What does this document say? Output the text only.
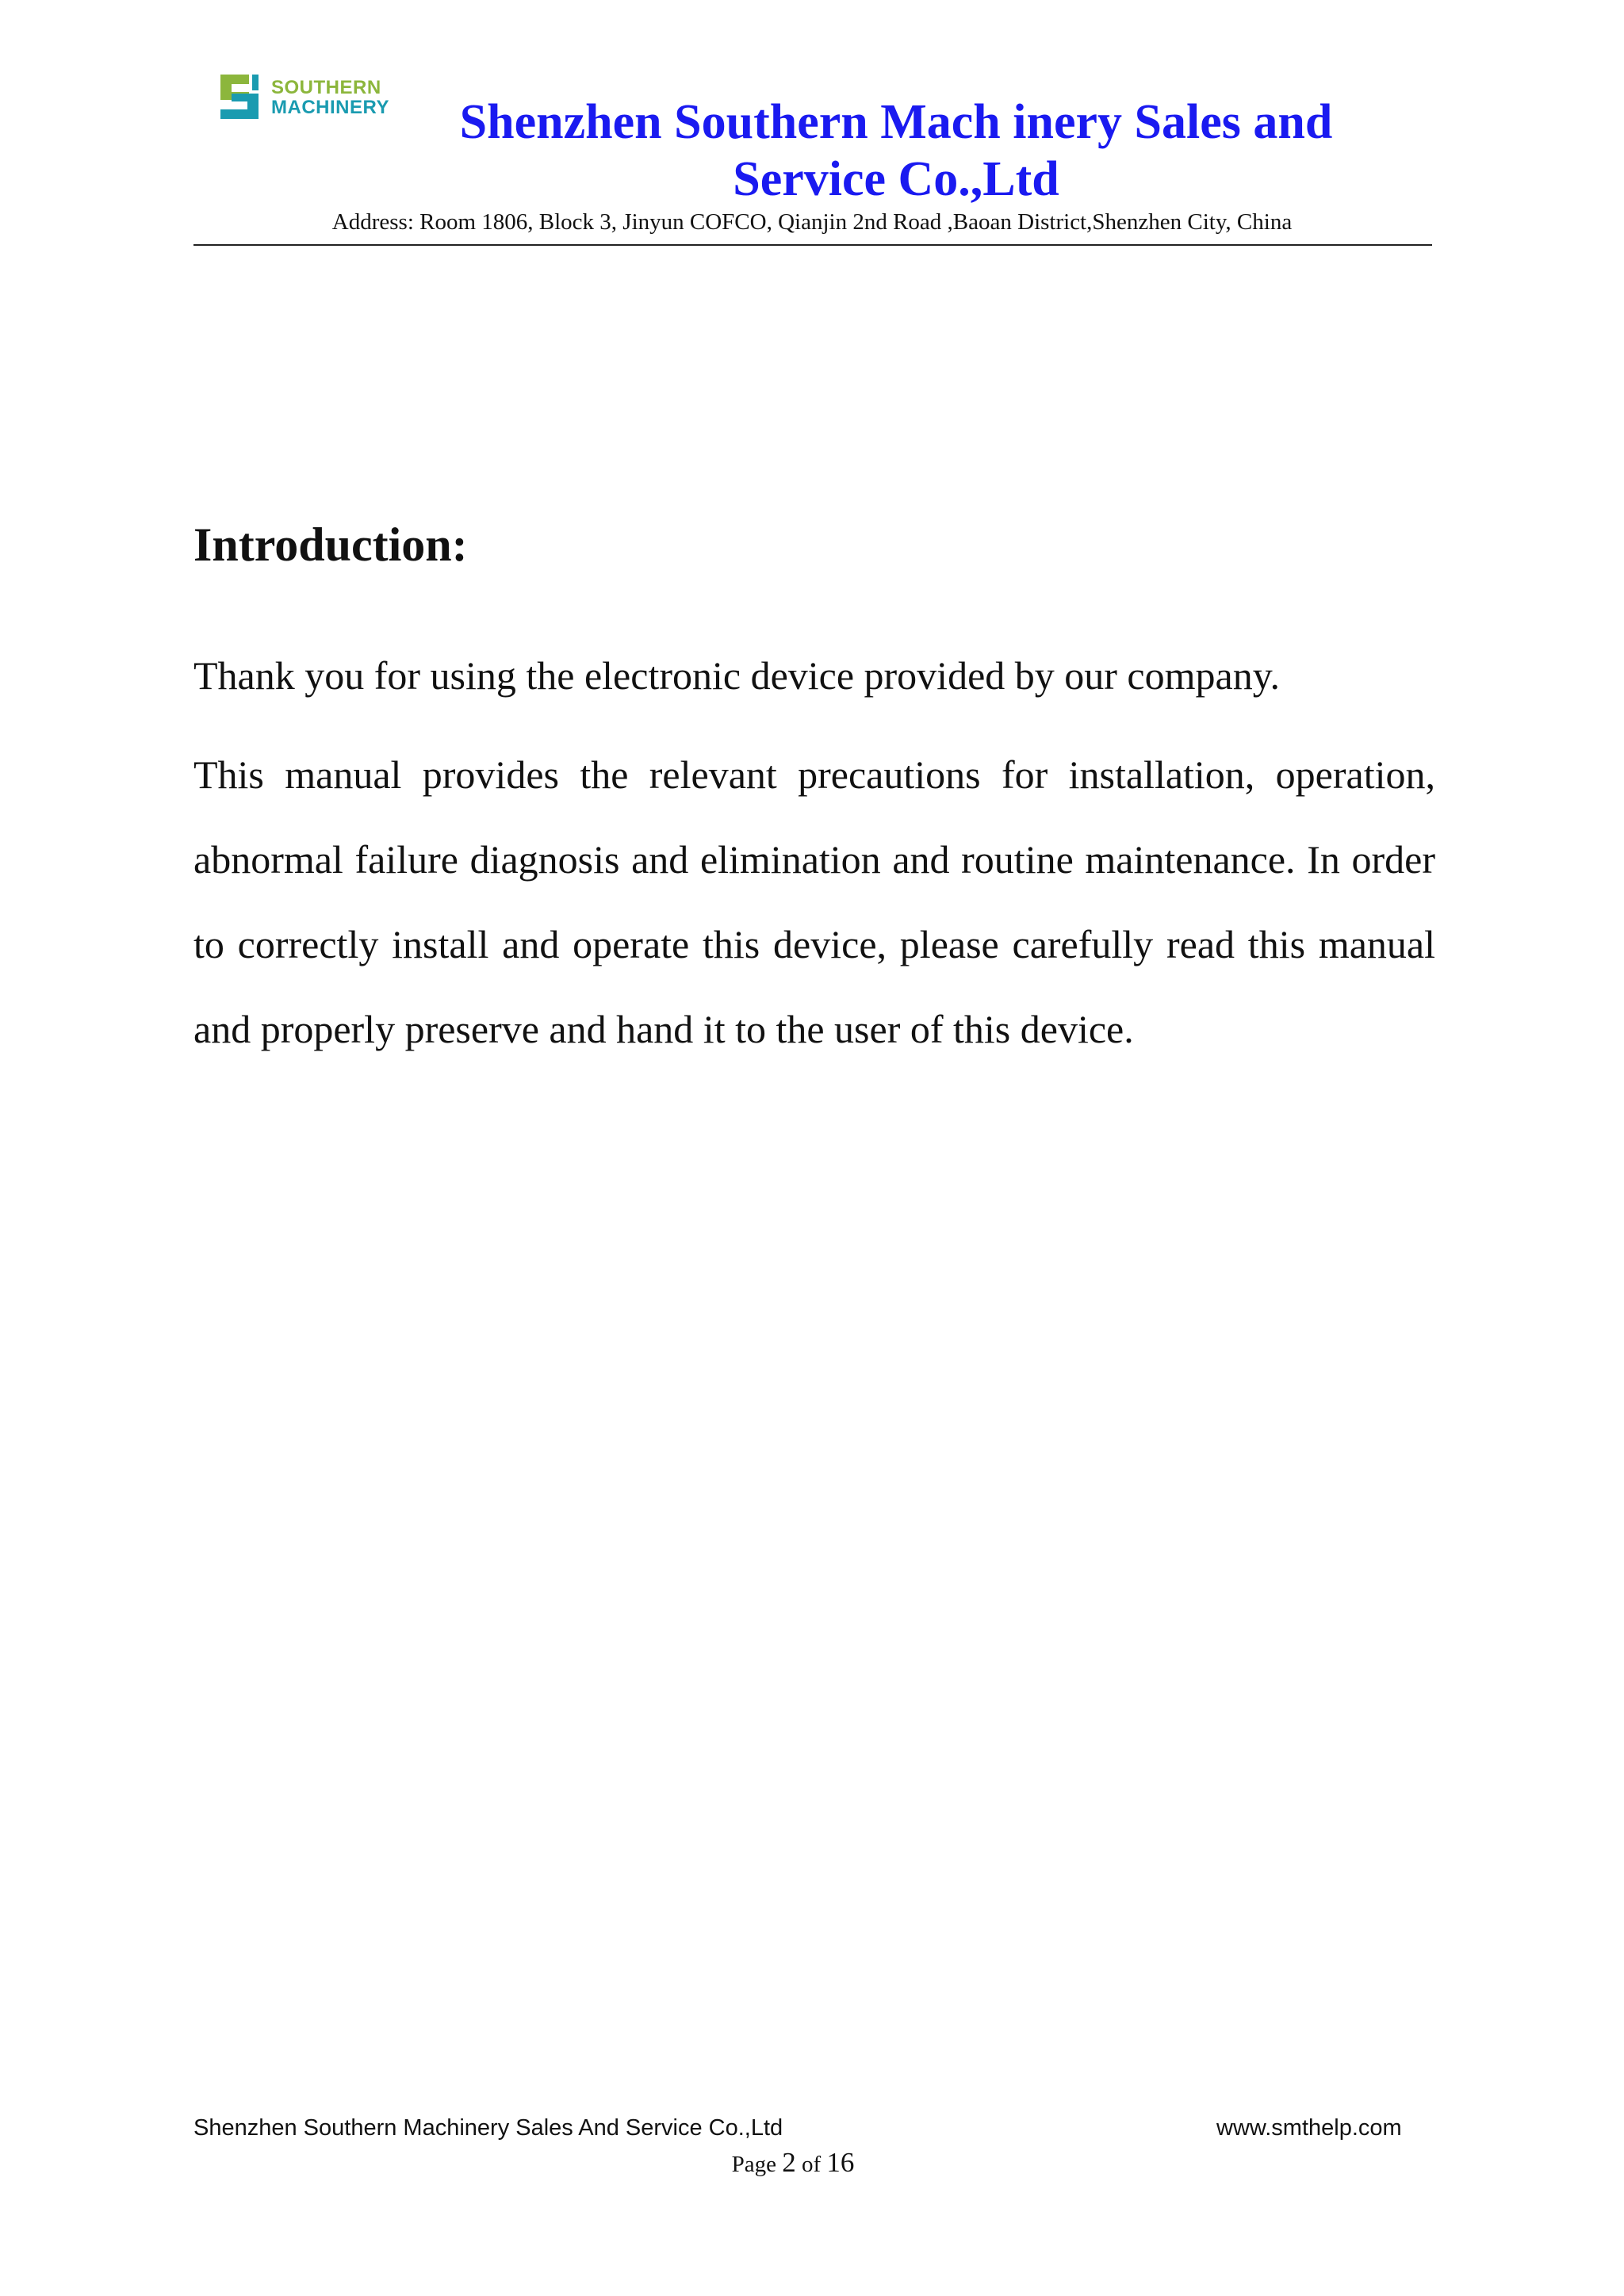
SOUTHERN
MACHINERY	Shenzhen Southern Mach inery Sales and

Service Co.,Ltd
Address: Room 1806, Block 3, Jinyun COFCO, Qianjin 2nd Road ,Baoan District,Shenzhen City, China
Introduction:
Thank you for using the electronic device provided by our company.

This manual provides the relevant precautions for installation, operation, abnormal failure diagnosis and elimination and routine maintenance. In order to correctly install and operate this device, please carefully read this manual and properly preserve and hand it to the user of this device.

Shenzhen Southern Machinery Sales And Service Co.,Ltd	www.smthelp.com
Page 2 of 16
